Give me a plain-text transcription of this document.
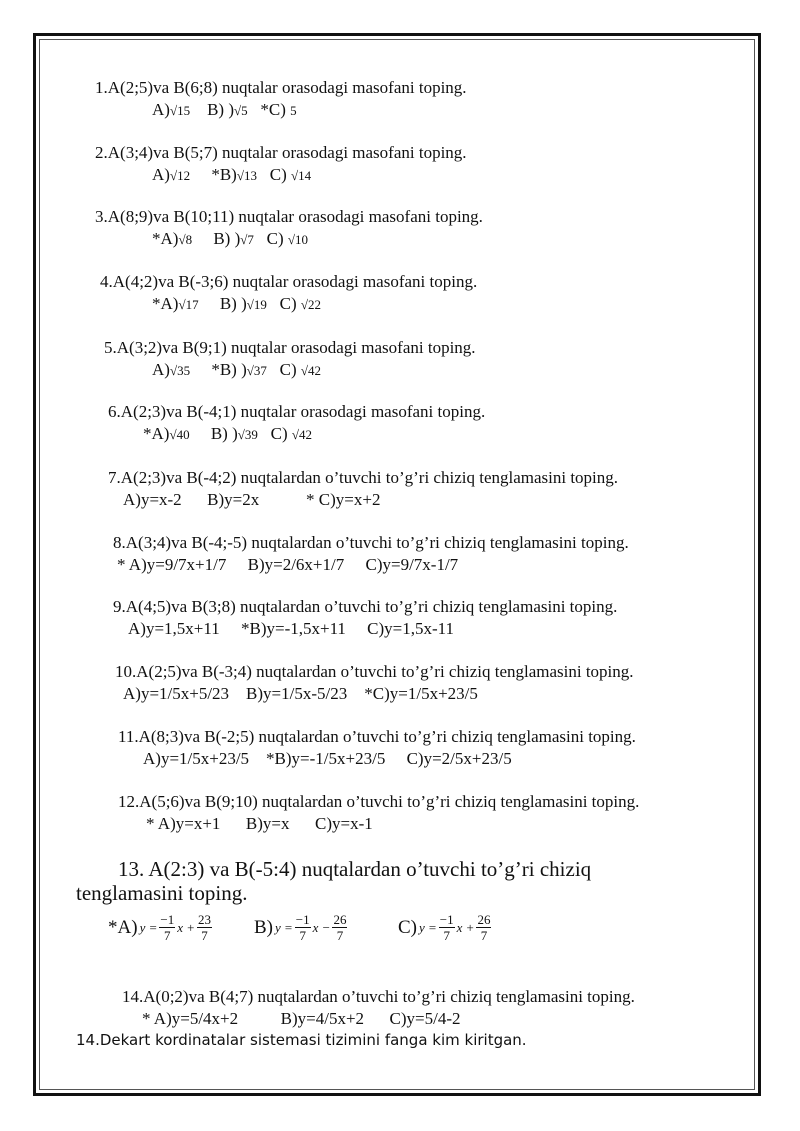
1.A(2;5)va B(6;8) nuqtalar orasodagi masofani toping.
A)√15    B) )√5   *C) 5
2.A(3;4)va B(5;7) nuqtalar orasodagi masofani toping.
A)√12     *B)√13   C) √14
3.A(8;9)va B(10;11) nuqtalar orasodagi masofani toping.
*A)√8     B) )√7   C) √10
4.A(4;2)va B(-3;6) nuqtalar orasodagi masofani toping.
*A)√17     B) )√19   C) √22
5.A(3;2)va B(9;1) nuqtalar orasodagi masofani toping.
A)√35     *B) )√37   C) √42
6.A(2;3)va B(-4;1) nuqtalar orasodagi masofani toping.
*A)√40     B) )√39   C) √42
7.A(2;3)va B(-4;2) nuqtalardan o’tuvchi to’g’ri chiziq tenglamasini toping.
A)y=x-2      B)y=2x           * C)y=x+2
8.A(3;4)va B(-4;-5) nuqtalardan o’tuvchi to’g’ri chiziq tenglamasini toping.
* A)y=9/7x+1/7     B)y=2/6x+1/7     C)y=9/7x-1/7
9.A(4;5)va B(3;8) nuqtalardan o’tuvchi to’g’ri chiziq tenglamasini toping.
A)y=1,5x+11     *B)y=-1,5x+11     C)y=1,5x-11
10.A(2;5)va B(-3;4) nuqtalardan o’tuvchi to’g’ri chiziq tenglamasini toping.
A)y=1/5x+5/23    B)y=1/5x-5/23    *C)y=1/5x+23/5
11.A(8;3)va B(-2;5) nuqtalardan o’tuvchi to’g’ri chiziq tenglamasini toping.
A)y=1/5x+23/5    *B)y=-1/5x+23/5     C)y=2/5x+23/5
12.A(5;6)va B(9;10) nuqtalardan o’tuvchi to’g’ri chiziq tenglamasini toping.
* A)y=x+1      B)y=x      C)y=x-1
13. A(2:3) va B(-5:4) nuqtalardan o’tuvchi to’g’ri chiziq
tenglamasini toping.
*A) $y = \frac{-1}{7}$ $x + \frac{23}{7} B$) $y = \frac{-1}{7}$ $x - \frac{26}{7}$	C) $y = \frac{-1}{7}$ $x + \frac{26}{7}$
14.A(0;2)va B(4;7) nuqtalardan o’tuvchi to’g’ri chiziq tenglamasini toping.
* A)y=5/4x+2          B)y=4/5x+2      C)y=5/4-2
14.Dekart kordinatalar sistemasi tizimini fanga kim kiritgan.
